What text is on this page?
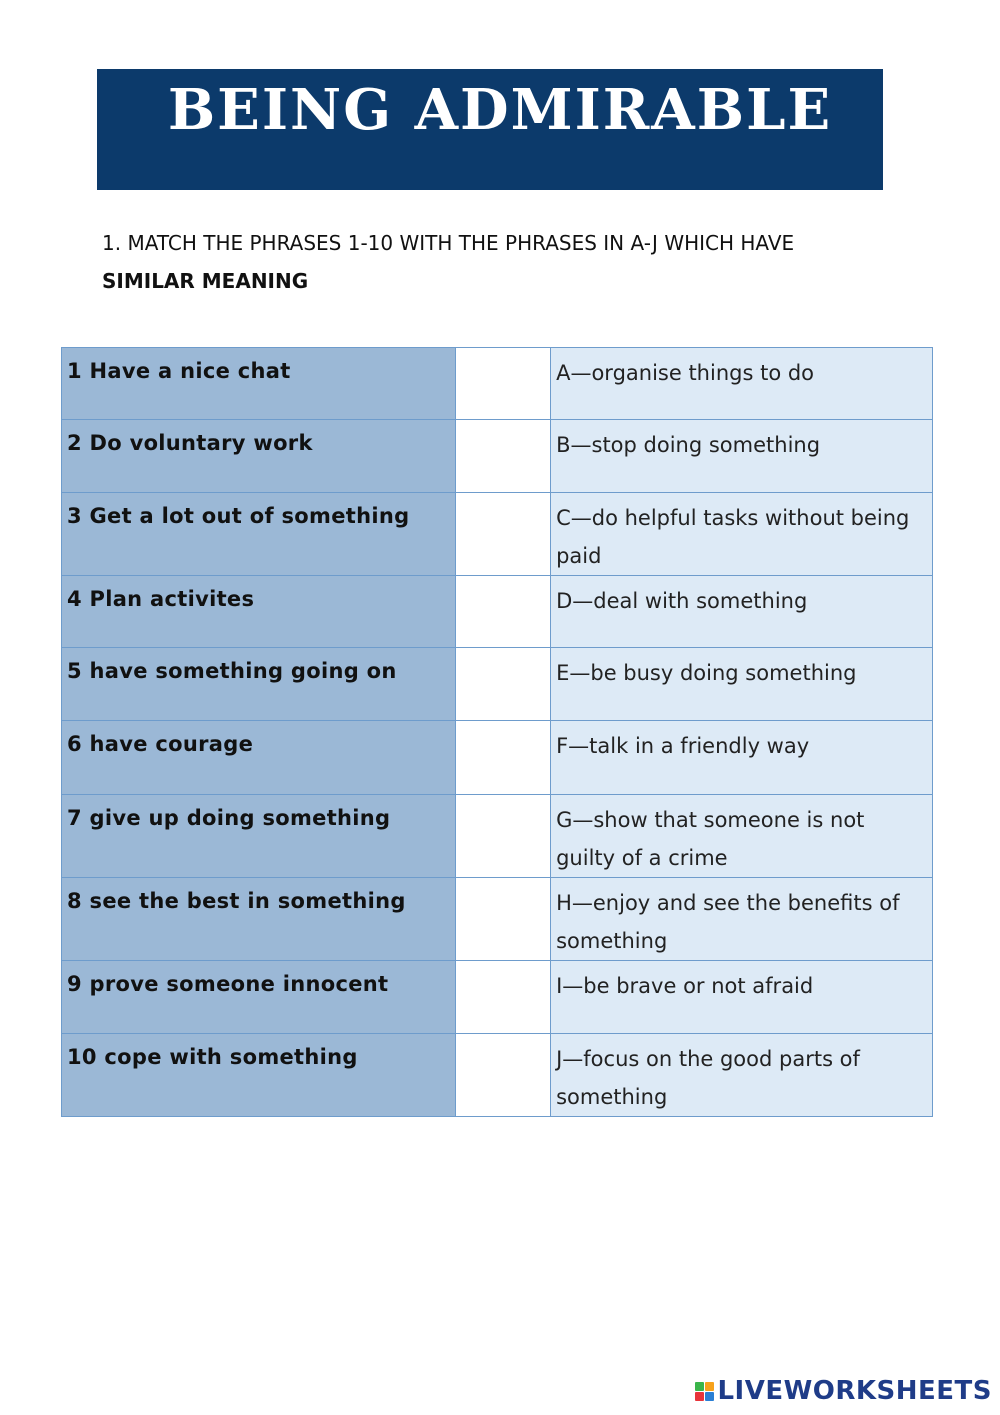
BEING ADMIRABLE
1. MATCH THE PHRASES 1-10 WITH THE PHRASES IN A-J WHICH HAVE
SIMILAR MEANING
1 Have a nice chat		A—organise things to do

2 Do voluntary work		B—stop doing something

3 Get a lot out of something		C—do helpful tasks without being paid

4 Plan activites		D—deal with something

5 have something going on		E—be busy doing something

6 have courage		F—talk in a friendly way

7 give up doing something		G—show that someone is not guilty of a crime

8 see the best in something		H—enjoy and see the benefits of something

9 prove someone innocent		I—be brave or not afraid

10 cope with something		J—focus on the good parts of something
LIVEWORKSHEETS
